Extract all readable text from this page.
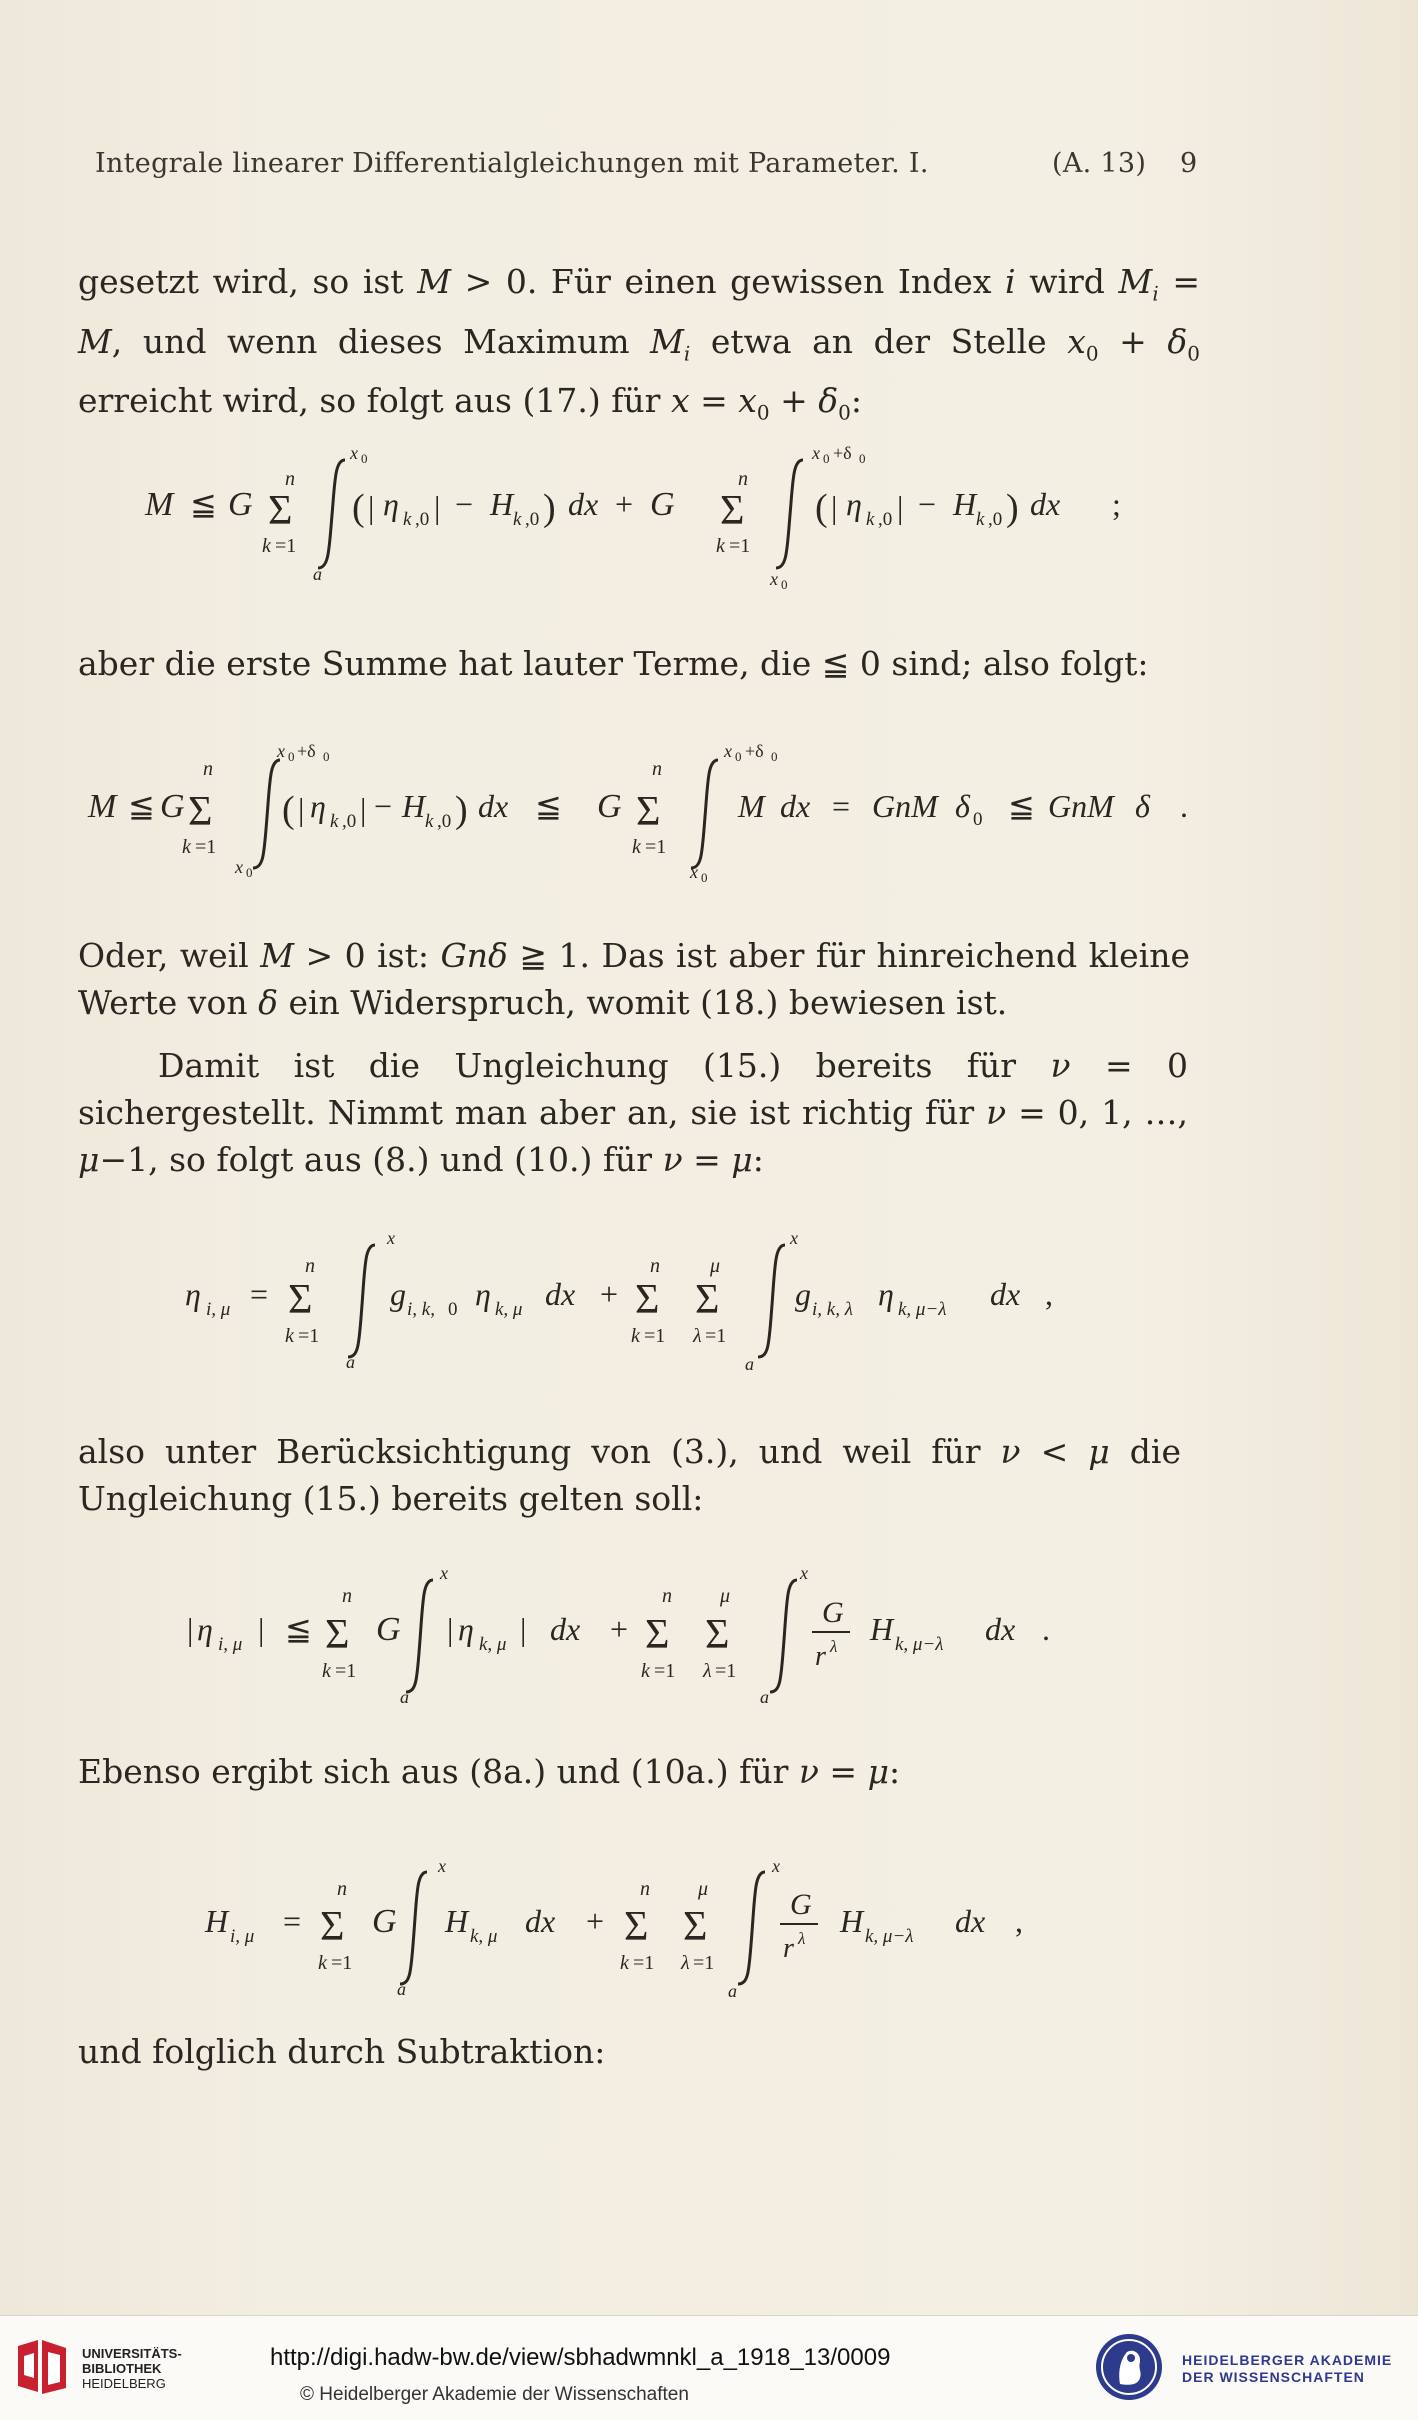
Integrale linearer Differentialgleichungen mit Parameter. I.	(A. 13) 9
gesetzt wird, so ist M > 0. Für einen gewissen Index i wird $M_i = M$, und wenn dieses Maximum $M_i$ etwa an der Stelle $x_0 + \delta_0$ erreicht wird, so folgt aus (17.) für $x = x_0 + \delta_0$:
M ≦ G
n
Σ
k =1
x 0
a
( | η k ,0 | − H k ,0 ) dx + G
n
Σ
k =1
x 0 +δ 0
x 0
( | η k ,0 | − H k ,0 ) dx ;
aber die erste Summe hat lauter Terme, die ≦ 0 sind; also folgt:
M ≦ G
n
Σ
k =1
x 0 +δ 0
x 0
( | η k ,0 | − H k ,0 ) dx ≦ G
n
Σ
k =1
x 0 +δ 0
x 0
M dx = GnM δ 0 ≦ GnM δ .
Oder, weil M > 0 ist: Gnδ ≧ 1. Das ist aber für hinreichend kleine Werte von δ ein Widerspruch, womit (18.) bewiesen ist.
Damit ist die Ungleichung (15.) bereits für ν = 0 sichergestellt. Nimmt man aber an, sie ist richtig für ν = 0, 1, …, μ−1, so folgt aus (8.) und (10.) für ν = μ:
η i, μ =
n
Σ
k =1
x
a
g i, k, 0 η k, μ dx +
n
Σ
k =1
μ
Σ
λ =1
x
a
g i, k, λ η k, μ−λ dx ,
also unter Berücksichtigung von (3.), und weil für ν < μ die Ungleichung (15.) bereits gelten soll:
| η i, μ | ≦
n
Σ
k =1
G
x
a
| η k, μ | dx +
n
Σ
k =1
μ
Σ
λ =1
x
a
G
r λ H k, μ−λ dx .
Ebenso ergibt sich aus (8a.) und (10a.) für ν = μ:
H i, μ =
n
Σ
k =1
G
x
a
H k, μ dx +
n
Σ
k =1
μ
Σ
λ =1
x
a
G
r λ H k, μ−λ dx ,
und folglich durch Subtraktion:
UNIVERSITÄTS-
BIBLIOTHEK
HEIDELBERG
http://digi.hadw-bw.de/view/sbhadwmnkl_a_1918_13/0009
© Heidelberger Akademie der Wissenschaften
HEIDELBERGER AKADEMIE
DER WISSENSCHAFTEN
